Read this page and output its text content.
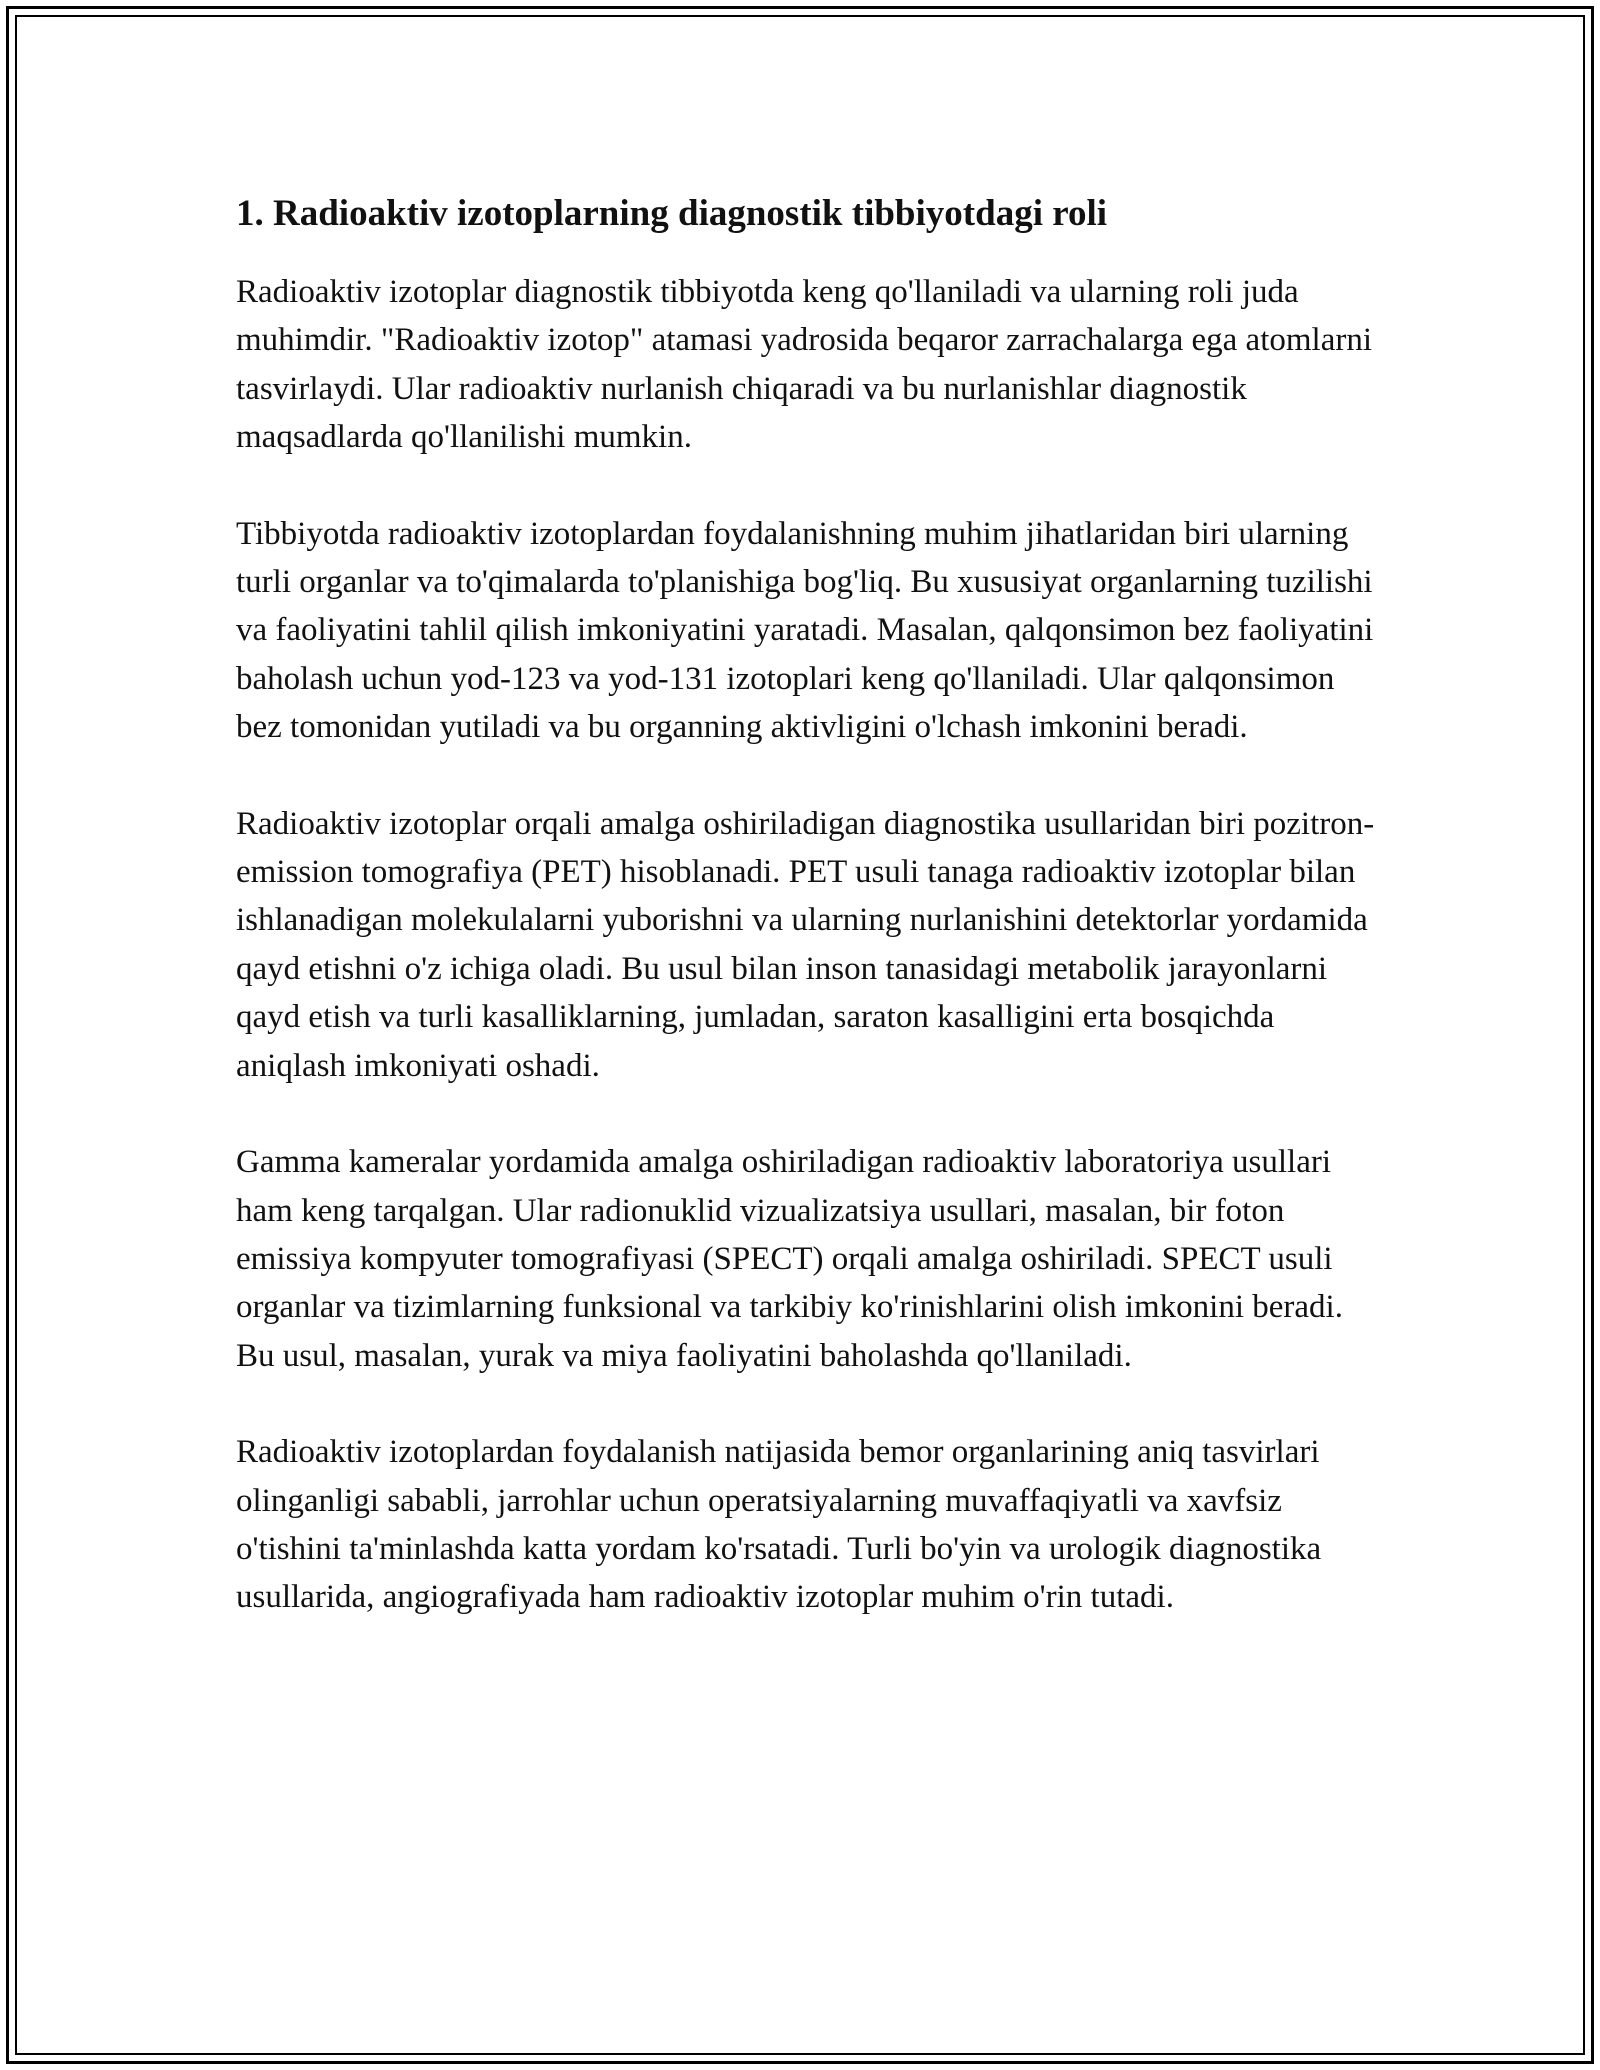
1. Radioaktiv izotoplarning diagnostik tibbiyotdagi roli

Radioaktiv izotoplar diagnostik tibbiyotda keng qo'llaniladi va ularning roli juda muhimdir. "Radioaktiv izotop" atamasi yadrosida beqaror zarrachalarga ega atomlarni tasvirlaydi. Ular radioaktiv nurlanish chiqaradi va bu nurlanishlar diagnostik maqsadlarda qo'llanilishi mumkin.

Tibbiyotda radioaktiv izotoplardan foydalanishning muhim jihatlaridan biri ularning turli organlar va to'qimalarda to'planishiga bog'liq. Bu xususiyat organlarning tuzilishi va faoliyatini tahlil qilish imkoniyatini yaratadi. Masalan, qalqonsimon bez faoliyatini baholash uchun yod-123 va yod-131 izotoplari keng qo'llaniladi. Ular qalqonsimon bez tomonidan yutiladi va bu organning aktivligini o'lchash imkonini beradi.

Radioaktiv izotoplar orqali amalga oshiriladigan diagnostika usullaridan biri pozitron-emission tomografiya (PET) hisoblanadi. PET usuli tanaga radioaktiv izotoplar bilan ishlanadigan molekulalarni yuborishni va ularning nurlanishini detektorlar yordamida qayd etishni o'z ichiga oladi. Bu usul bilan inson tanasidagi metabolik jarayonlarni qayd etish va turli kasalliklarning, jumladan, saraton kasalligini erta bosqichda aniqlash imkoniyati oshadi.

Gamma kameralar yordamida amalga oshiriladigan radioaktiv laboratoriya usullari ham keng tarqalgan. Ular radionuklid vizualizatsiya usullari, masalan, bir foton emissiya kompyuter tomografiyasi (SPECT) orqali amalga oshiriladi. SPECT usuli organlar va tizimlarning funksional va tarkibiy ko'rinishlarini olish imkonini beradi. Bu usul, masalan, yurak va miya faoliyatini baholashda qo'llaniladi.

Radioaktiv izotoplardan foydalanish natijasida bemor organlarining aniq tasvirlari olinganligi sababli, jarrohlar uchun operatsiyalarning muvaffaqiyatli va xavfsiz o'tishini ta'minlashda katta yordam ko'rsatadi. Turli bo'yin va urologik diagnostika usullarida, angiografiyada ham radioaktiv izotoplar muhim o'rin tutadi.
